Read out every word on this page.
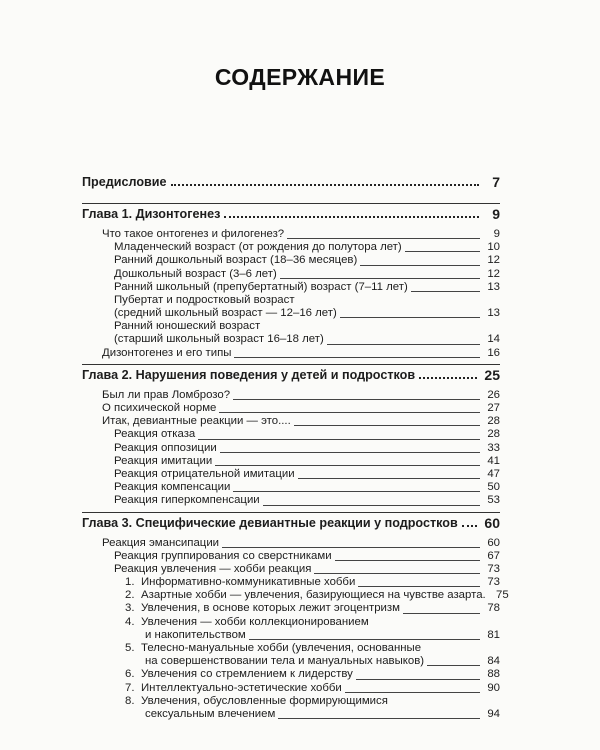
СОДЕРЖАНИЕ
Предисловие	7
Глава 1. Дизонтогенез	9
Что такое онтогенез и филогенез?	9
Младенческий возраст (от рождения до полутора лет)	10
Ранний дошкольный возраст (18–36 месяцев)	12
Дошкольный возраст (3–6 лет)	12
Ранний школьный (препубертатный) возраст (7–11 лет)	13
Пубертат и подростковый возраст
(средний школьный возраст — 12–16 лет)	13
Ранний юношеский возраст
(старший школьный возраст 16–18 лет)	14
Дизонтогенез и его типы	16
Глава 2. Нарушения поведения у детей и подростков	25
Был ли прав Ломброзо?	26
О психической норме	27
Итак, девиантные реакции — это....	28
Реакция отказа	28
Реакция оппозиции	33
Реакция имитации	41
Реакция отрицательной имитации	47
Реакция компенсации	50
Реакция гиперкомпенсации	53
Глава 3. Специфические девиантные реакции у подростков 60
Реакция эмансипации	60
Реакция группирования со сверстниками	67
Реакция увлечения — хобби реакция	73
1. Информативно-коммуникативные хобби	73
2. Азартные хобби — увлечения, базирующиеся на чувстве азарта. 75
3. Увлечения, в основе которых лежит эгоцентризм	78
4. Увлечения — хобби коллекционированием
и накопительством	81
5. Телесно-мануальные хобби (увлечения, основанные
на совершенствовании тела и мануальных навыков)	84
6. Увлечения со стремлением к лидерству	88
7. Интеллектуально-эстетические хобби	90
8. Увлечения, обусловленные формирующимися
сексуальным влечением	94
